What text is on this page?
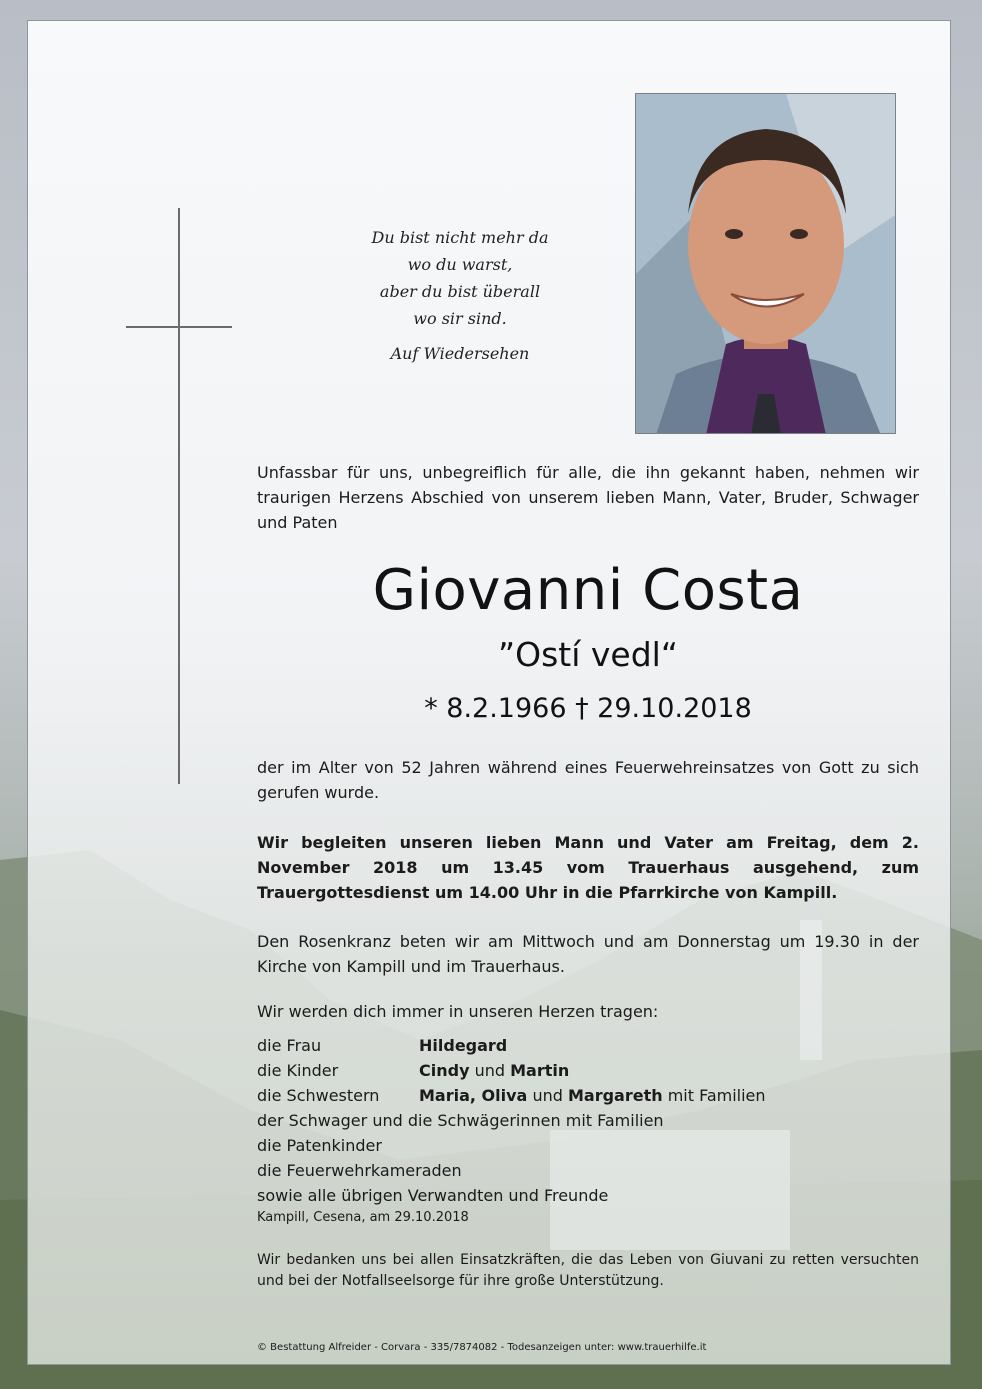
Du bist nicht mehr da
wo du warst,
aber du bist überall
wo sir sind.
Auf Wiedersehen
Unfassbar für uns, unbegreiflich für alle, die ihn gekannt haben, nehmen wir traurigen Herzens Abschied von unserem lieben Mann, Vater, Bruder, Schwager und Paten
Giovanni Costa
”Ostí vedl“
* 8.2.1966 † 29.10.2018
der im Alter von 52 Jahren während eines Feuerwehreinsatzes von Gott zu sich gerufen wurde.
Wir begleiten unseren lieben Mann und Vater am Freitag, dem 2. November 2018 um 13.45 vom Trauerhaus ausgehend, zum Trauergottesdienst um 14.00 Uhr in die Pfarrkirche von Kampill.
Den Rosenkranz beten wir am Mittwoch und am Donnerstag um 19.30 in der Kirche von Kampill und im Trauerhaus.
Wir werden dich immer in unseren Herzen tragen:
die Frau	Hildegard
die Kinder	Cindy und Martin
die Schwestern	Maria, Oliva und Margareth mit Familien
der Schwager und die Schwägerinnen mit Familien
die Patenkinder
die Feuerwehrkameraden
sowie alle übrigen Verwandten und Freunde
Kampill, Cesena, am 29.10.2018
Wir bedanken uns bei allen Einsatzkräften, die das Leben von Giuvani zu retten versuchten und bei der Notfallseelsorge für ihre große Unterstützung.
© Bestattung Alfreider - Corvara - 335/7874082 - Todesanzeigen unter: www.trauerhilfe.it
